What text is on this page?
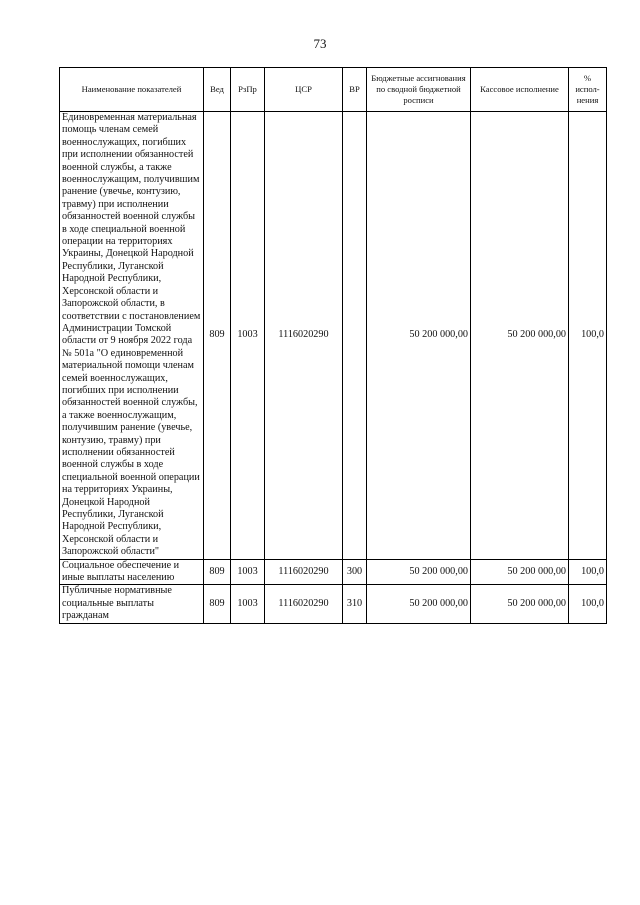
73
Наименование показателей	Вед	РзПр	ЦСР	ВР	Бюджетные ассигнования по сводной бюджетной росписи	Кассовое исполнение	% испол-нения
Единовременная материальная помощь членам семей военнослужащих, погибших при исполнении обязанностей военной службы, а также военнослужащим, получившим ранение (увечье, контузию, травму) при исполнении обязанностей военной службы в ходе специальной военной операции на территориях Украины, Донецкой Народной Республики, Луганской Народной Республики, Херсонской области и Запорожской области, в соответствии с постановлением Администрации Томской области от 9 ноября 2022 года № 501а "О единовременной материальной помощи членам семей военнослужащих, погибших при исполнении обязанностей военной службы, а также военнослужащим, получившим ранение (увечье, контузию, травму) при исполнении обязанностей военной службы в ходе специальной военной операции на территориях Украины, Донецкой Народной Республики, Луганской Народной Республики, Херсонской области и Запорожской области"	809	1003	1116020290		50 200 000,00	50 200 000,00	100,0
Социальное обеспечение и иные выплаты населению	809	1003	1116020290	300	50 200 000,00	50 200 000,00	100,0
Публичные нормативные социальные выплаты гражданам	809	1003	1116020290	310	50 200 000,00	50 200 000,00	100,0
